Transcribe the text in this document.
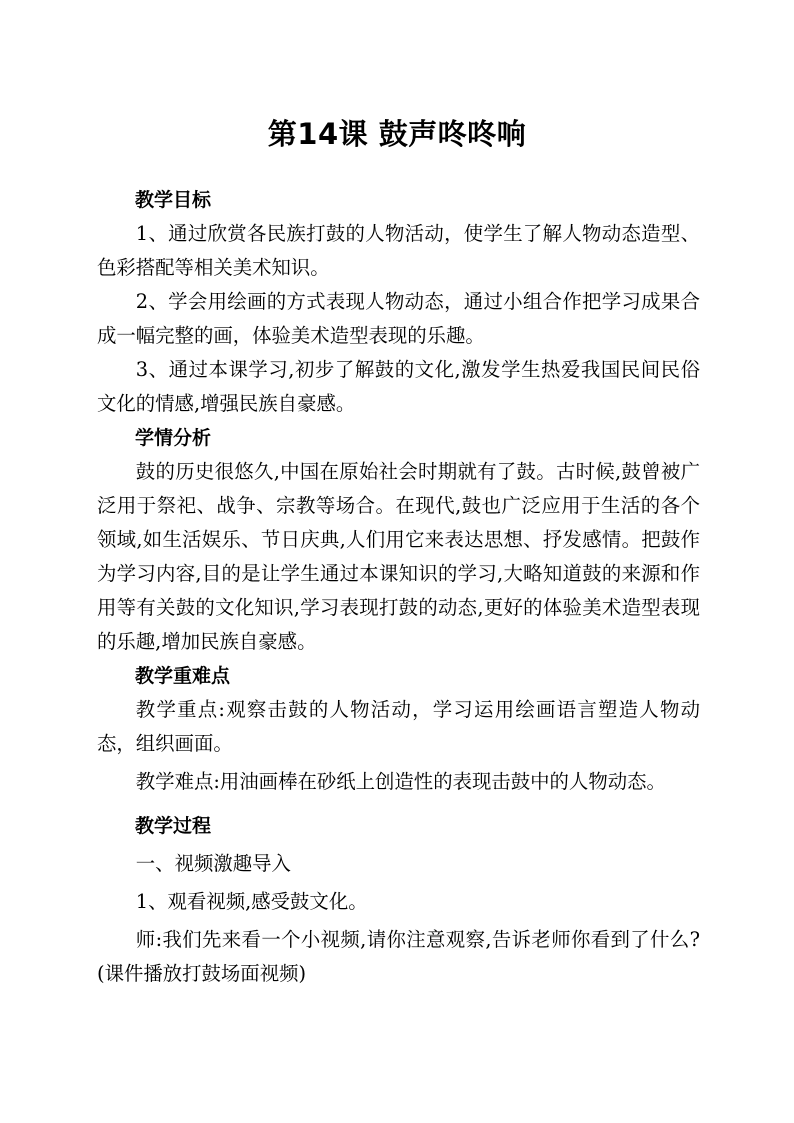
第14课 鼓声咚咚响

教学目标

1、通过欣赏各民族打鼓的人物活动，使学生了解人物动态造型、色彩搭配等相关美术知识。

2、学会用绘画的方式表现人物动态，通过小组合作把学习成果合成一幅完整的画，体验美术造型表现的乐趣。

3、通过本课学习,初步了解鼓的文化,激发学生热爱我国民间民俗文化的情感,增强民族自豪感。

学情分析

鼓的历史很悠久,中国在原始社会时期就有了鼓。古时候,鼓曾被广泛用于祭祀、战争、宗教等场合。在现代,鼓也广泛应用于生活的各个领域,如生活娱乐、节日庆典,人们用它来表达思想、抒发感情。把鼓作为学习内容,目的是让学生通过本课知识的学习,大略知道鼓的来源和作用等有关鼓的文化知识,学习表现打鼓的动态,更好的体验美术造型表现的乐趣,增加民族自豪感。

教学重难点

教学重点:观察击鼓的人物活动，学习运用绘画语言塑造人物动态，组织画面。

教学难点:用油画棒在砂纸上创造性的表现击鼓中的人物动态。

教学过程

一、视频激趣导入

1、观看视频,感受鼓文化。

师:我们先来看一个小视频,请你注意观察,告诉老师你看到了什么?(课件播放打鼓场面视频)
